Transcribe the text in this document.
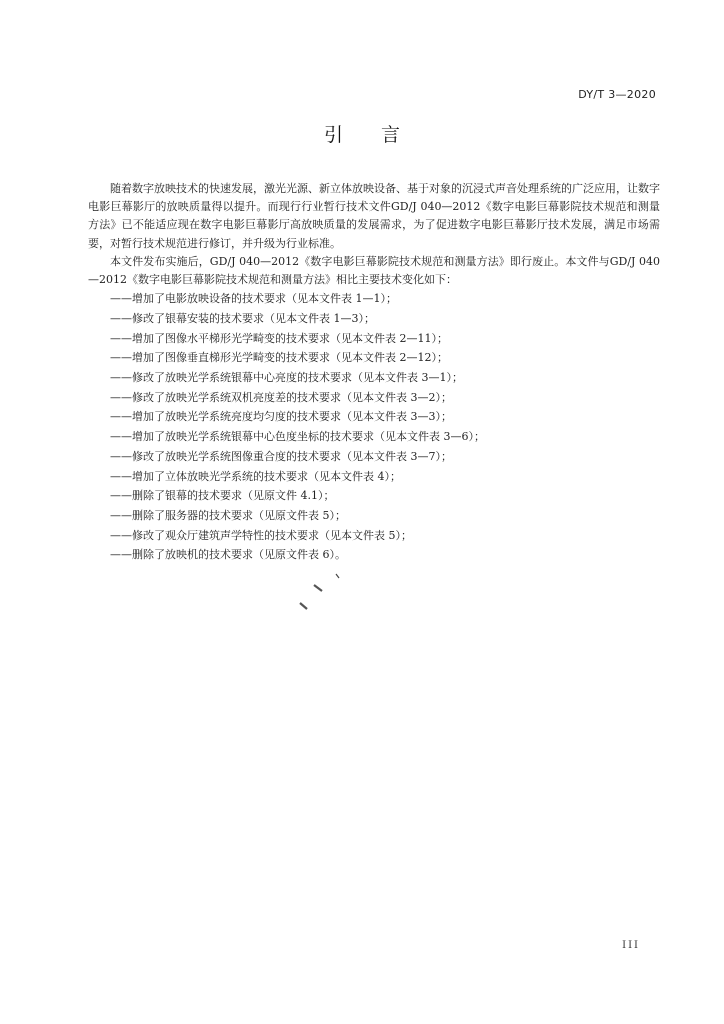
DY/T 3—2020
引言

随着数字放映技术的快速发展，激光光源、新立体放映设备、基于对象的沉浸式声音处理系统的广泛应用，让数字电影巨幕影厅的放映质量得以提升。而现行行业暂行技术文件GD/J 040—2012《数字电影巨幕影院技术规范和测量方法》已不能适应现在数字电影巨幕影厅高放映质量的发展需求，为了促进数字电影巨幕影厅技术发展，满足市场需要，对暂行技术规范进行修订，并升级为行业标准。

本文件发布实施后，GD/J 040—2012《数字电影巨幕影院技术规范和测量方法》即行废止。本文件与GD/J 040—2012《数字电影巨幕影院技术规范和测量方法》相比主要技术变化如下：

——增加了电影放映设备的技术要求（见本文件表 1—1）；
——修改了银幕安装的技术要求（见本文件表 1—3）；
——增加了图像水平梯形光学畸变的技术要求（见本文件表 2—11）；
——增加了图像垂直梯形光学畸变的技术要求（见本文件表 2—12）；
——修改了放映光学系统银幕中心亮度的技术要求（见本文件表 3—1）；
——修改了放映光学系统双机亮度差的技术要求（见本文件表 3—2）；
——增加了放映光学系统亮度均匀度的技术要求（见本文件表 3—3）；
——增加了放映光学系统银幕中心色度坐标的技术要求（见本文件表 3—6）；
——修改了放映光学系统图像重合度的技术要求（见本文件表 3—7）；
——增加了立体放映光学系统的技术要求（见本文件表 4）；
——删除了银幕的技术要求（见原文件 4.1）；
——删除了服务器的技术要求（见原文件表 5）；
——修改了观众厅建筑声学特性的技术要求（见本文件表 5）；
——删除了放映机的技术要求（见原文件表 6）。
III
